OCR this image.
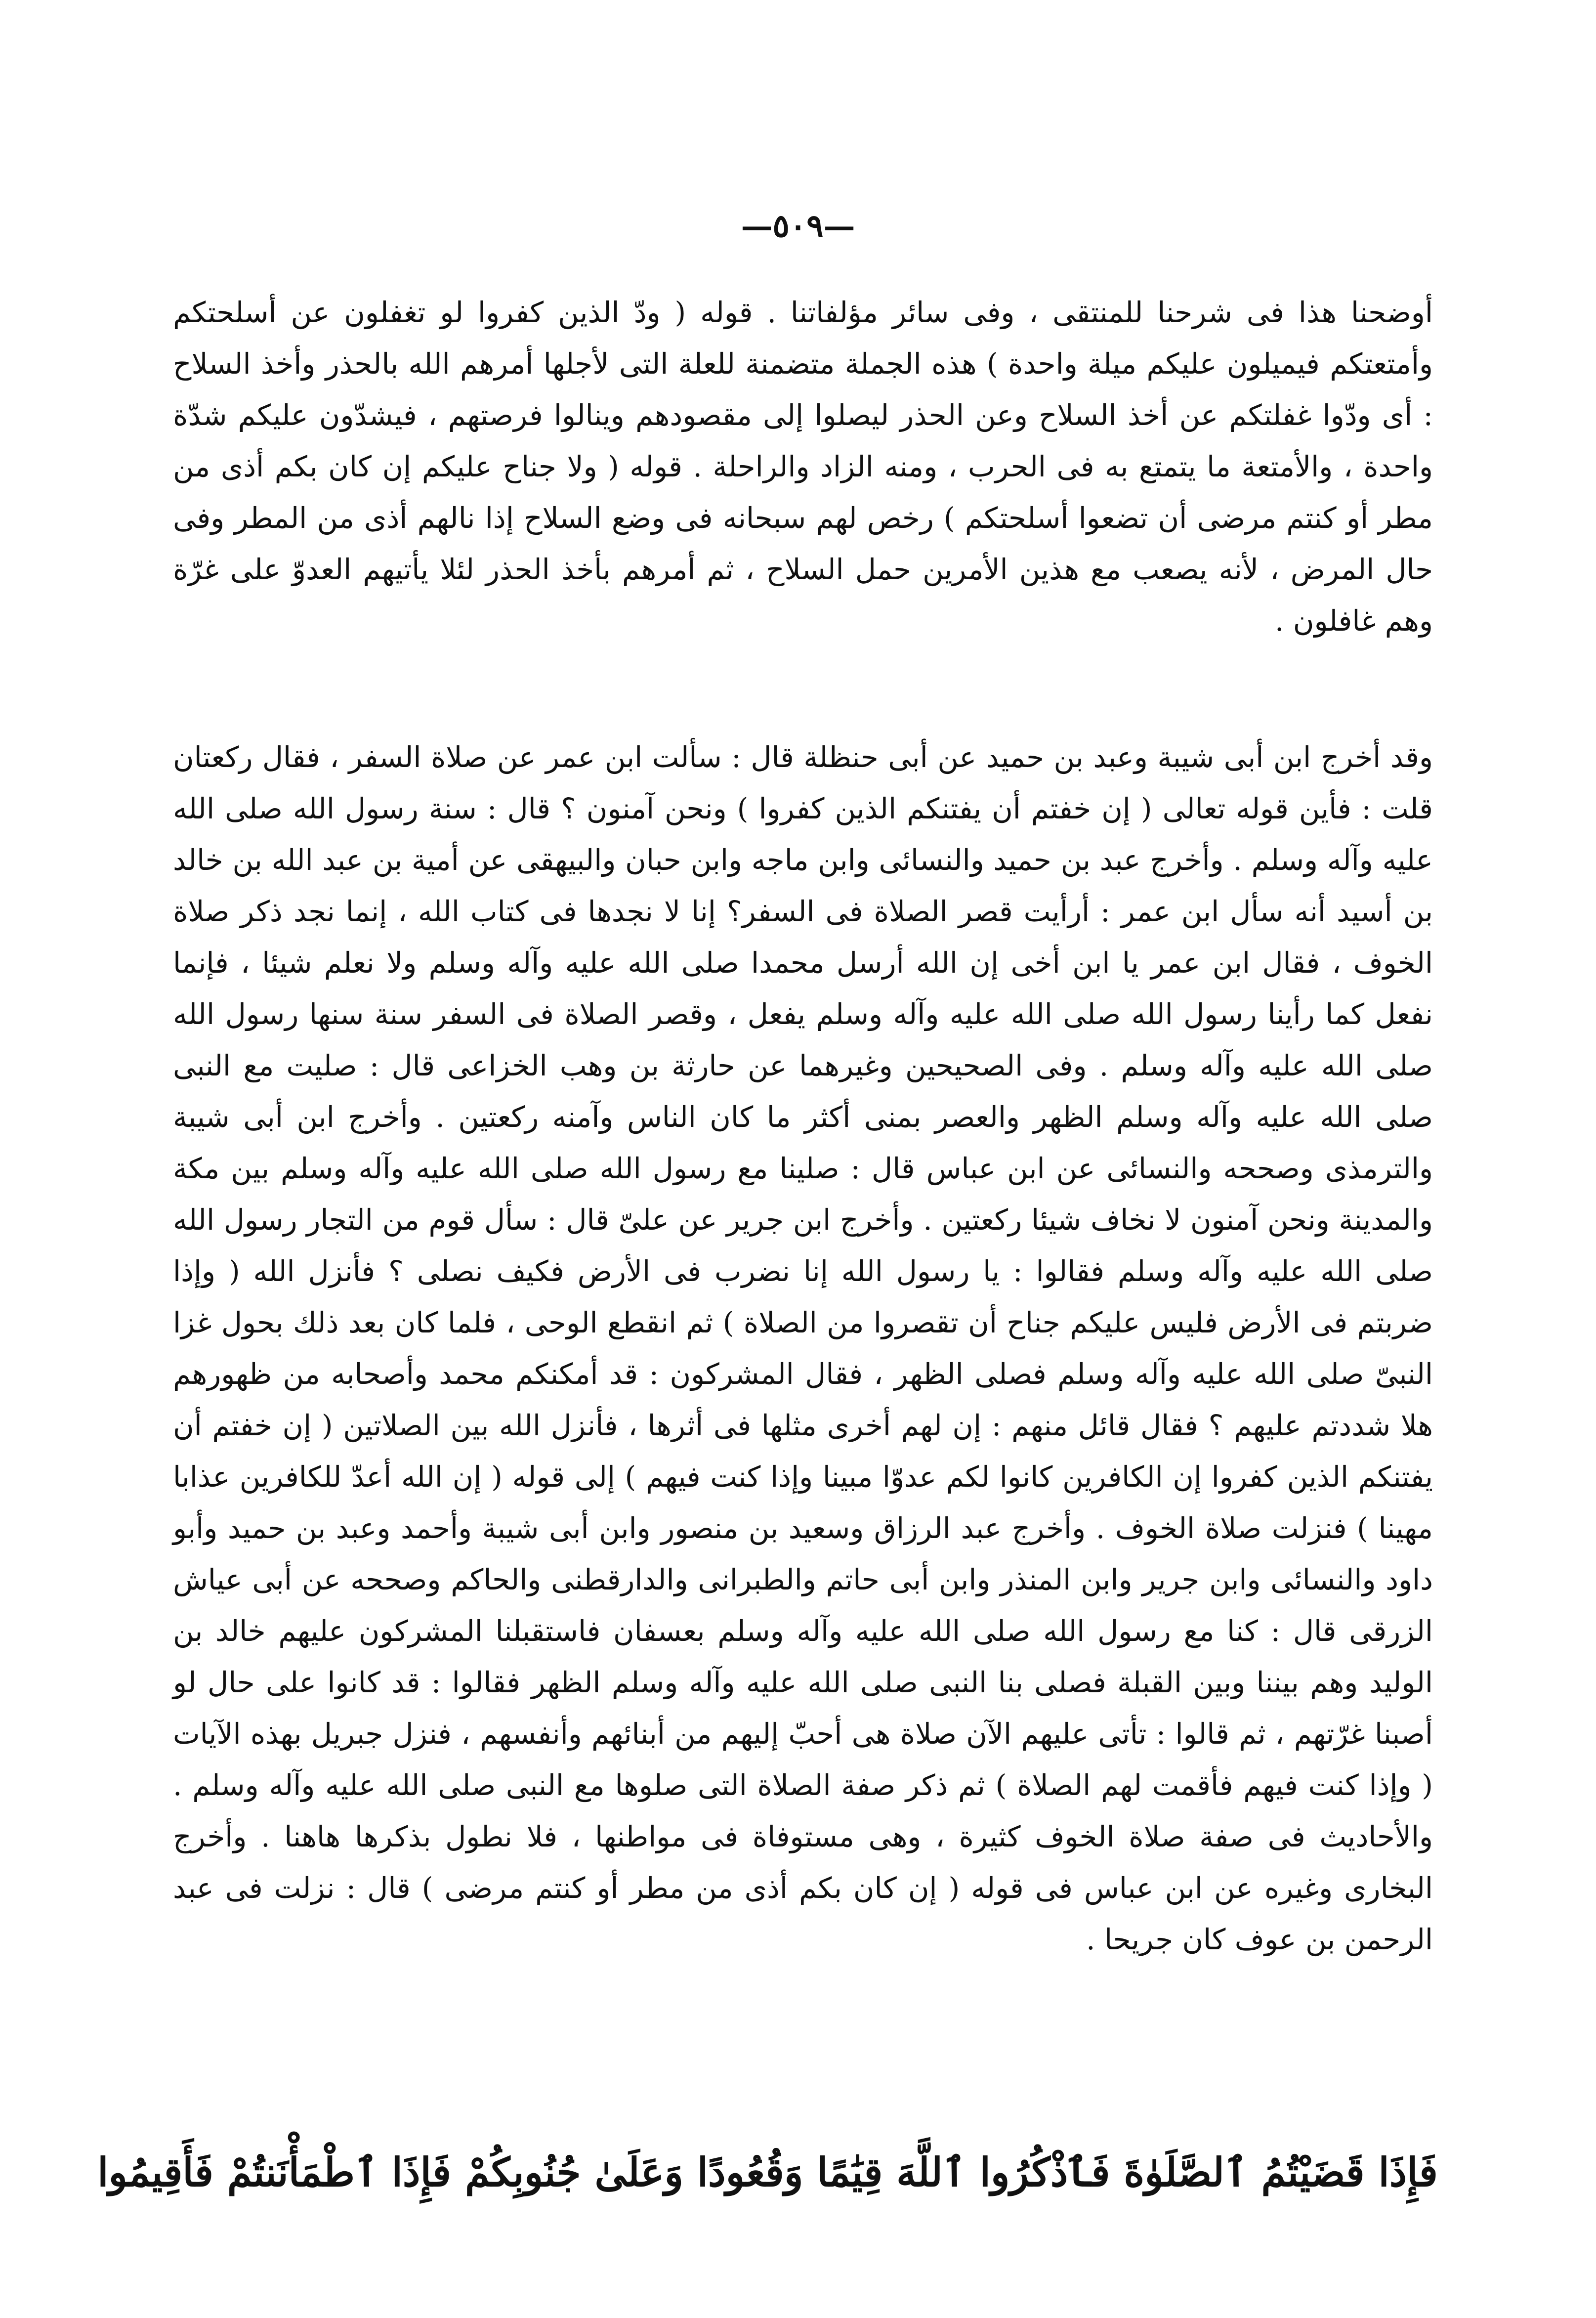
—٥٠٩—

أوضحنا هذا فى شرحنا للمنتقى ، وفى سائر مؤلفاتنا . قوله ( ودّ الذين كفروا لو تغفلون عن أسلحتكم وأمتعتكم فيميلون عليكم ميلة واحدة ) هذه الجملة متضمنة للعلة التى لأجلها أمرهم الله بالحذر وأخذ السلاح : أى ودّوا غفلتكم عن أخذ السلاح وعن الحذر ليصلوا إلى مقصودهم وينالوا فرصتهم ، فيشدّون عليكم شدّة واحدة ، والأمتعة ما يتمتع به فى الحرب ، ومنه الزاد والراحلة . قوله ( ولا جناح عليكم إن كان بكم أذى من مطر أو كنتم مرضى أن تضعوا أسلحتكم ) رخص لهم سبحانه فى وضع السلاح إذا نالهم أذى من المطر وفى حال المرض ، لأنه يصعب مع هذين الأمرين حمل السلاح ، ثم أمرهم بأخذ الحذر لئلا يأتيهم العدوّ على غرّة وهم غافلون .

وقد أخرج ابن أبى شيبة وعبد بن حميد عن أبى حنظلة قال : سألت ابن عمر عن صلاة السفر ، فقال ركعتان قلت : فأين قوله تعالى ( إن خفتم أن يفتنكم الذين كفروا ) ونحن آمنون ؟ قال : سنة رسول الله صلى الله عليه وآله وسلم . وأخرج عبد بن حميد والنسائى وابن ماجه وابن حبان والبيهقى عن أمية بن عبد الله بن خالد بن أسيد أنه سأل ابن عمر : أرأيت قصر الصلاة فى السفر؟ إنا لا نجدها فى كتاب الله ، إنما نجد ذكر صلاة الخوف ، فقال ابن عمر يا ابن أخى إن الله أرسل محمدا صلى الله عليه وآله وسلم ولا نعلم شيئا ، فإنما نفعل كما رأينا رسول الله صلى الله عليه وآله وسلم يفعل ، وقصر الصلاة فى السفر سنة سنها رسول الله صلى الله عليه وآله وسلم . وفى الصحيحين وغيرهما عن حارثة بن وهب الخزاعى قال : صليت مع النبى صلى الله عليه وآله وسلم الظهر والعصر بمنى أكثر ما كان الناس وآمنه ركعتين . وأخرج ابن أبى شيبة والترمذى وصححه والنسائى عن ابن عباس قال : صلينا مع رسول الله صلى الله عليه وآله وسلم بين مكة والمدينة ونحن آمنون لا نخاف شيئا ركعتين . وأخرج ابن جرير عن علىّ قال : سأل قوم من التجار رسول الله صلى الله عليه وآله وسلم فقالوا : يا رسول الله إنا نضرب فى الأرض فكيف نصلى ؟ فأنزل الله ( وإذا ضربتم فى الأرض فليس عليكم جناح أن تقصروا من الصلاة ) ثم انقطع الوحى ، فلما كان بعد ذلك بحول غزا النبىّ صلى الله عليه وآله وسلم فصلى الظهر ، فقال المشركون : قد أمكنكم محمد وأصحابه من ظهورهم هلا شددتم عليهم ؟ فقال قائل منهم : إن لهم أخرى مثلها فى أثرها ، فأنزل الله بين الصلاتين ( إن خفتم أن يفتنكم الذين كفروا إن الكافرين كانوا لكم عدوّا مبينا وإذا كنت فيهم ) إلى قوله ( إن الله أعدّ للكافرين عذابا مهينا ) فنزلت صلاة الخوف . وأخرج عبد الرزاق وسعيد بن منصور وابن أبى شيبة وأحمد وعبد بن حميد وأبو داود والنسائى وابن جرير وابن المنذر وابن أبى حاتم والطبرانى والدارقطنى والحاكم وصححه عن أبى عياش الزرقى قال : كنا مع رسول الله صلى الله عليه وآله وسلم بعسفان فاستقبلنا المشركون عليهم خالد بن الوليد وهم بيننا وبين القبلة فصلى بنا النبى صلى الله عليه وآله وسلم الظهر فقالوا : قد كانوا على حال لو أصبنا غرّتهم ، ثم قالوا : تأتى عليهم الآن صلاة هى أحبّ إليهم من أبنائهم وأنفسهم ، فنزل جبريل بهذه الآيات ( وإذا كنت فيهم فأقمت لهم الصلاة ) ثم ذكر صفة الصلاة التى صلوها مع النبى صلى الله عليه وآله وسلم . والأحاديث فى صفة صلاة الخوف كثيرة ، وهى مستوفاة فى مواطنها ، فلا نطول بذكرها هاهنا . وأخرج البخارى وغيره عن ابن عباس فى قوله ( إن كان بكم أذى من مطر أو كنتم مرضى ) قال : نزلت فى عبد الرحمن بن عوف كان جريحا .

فَإِذَا قَضَيْتُمُ ٱلصَّلَوٰةَ فَٱذْكُرُوا ٱللَّهَ قِيَٰمًا وَقُعُودًا وَعَلَىٰ جُنُوبِكُمْ فَإِذَا ٱطْمَأْنَنتُمْ فَأَقِيمُوا
